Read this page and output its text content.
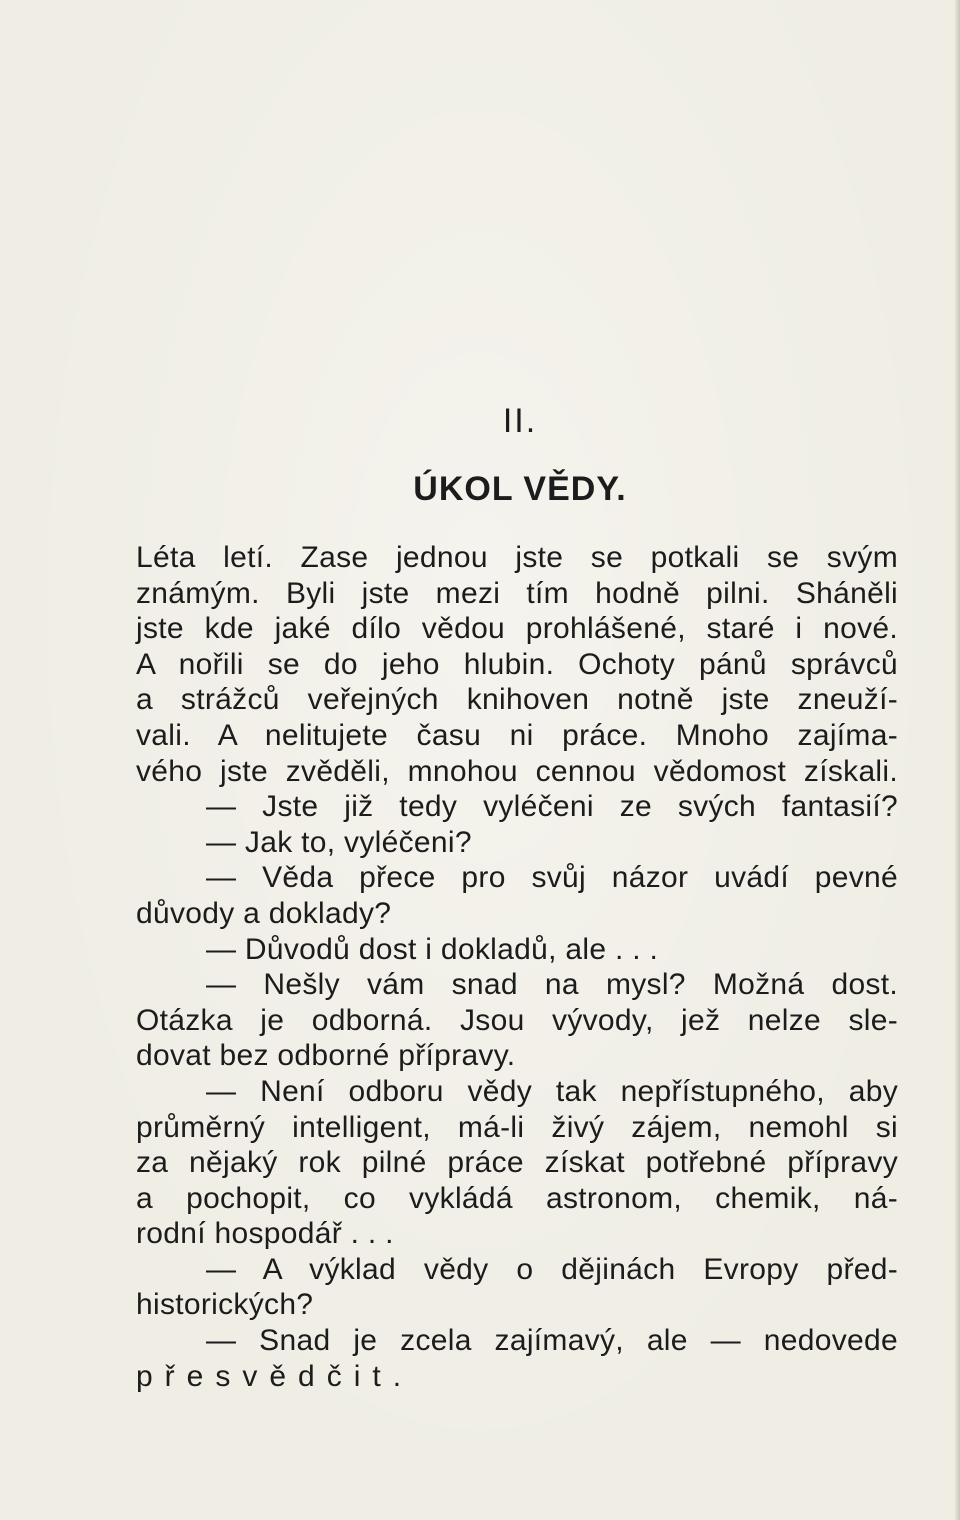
II.
ÚKOL VĚDY.
Léta letí. Zase jednou jste se potkali se svým
známým. Byli jste mezi tím hodně pilni. Sháněli
jste kde jaké dílo vědou prohlášené, staré i nové.
A nořili se do jeho hlubin. Ochoty pánů správců
a strážců veřejných knihoven notně jste zneuží-
vali. A nelitujete času ni práce. Mnoho zajíma-
vého jste zvěděli, mnohou cennou vědomost získali.
— Jste již tedy vyléčeni ze svých fantasií?
— Jak to, vyléčeni?
— Věda přece pro svůj názor uvádí pevné
důvody a doklady?
— Důvodů dost i dokladů, ale . . .
— Nešly vám snad na mysl? Možná dost.
Otázka je odborná. Jsou vývody, jež nelze sle-
dovat bez odborné přípravy.
— Není odboru vědy tak nepřístupného, aby
průměrný intelligent, má-li živý zájem, nemohl si
za nějaký rok pilné práce získat potřebné přípravy
a pochopit, co vykládá astronom, chemik, ná-
rodní hospodář . . .
— A výklad vědy o dějinách Evropy před-
historických?
— Snad je zcela zajímavý, ale — nedovede
přesvědčit.
